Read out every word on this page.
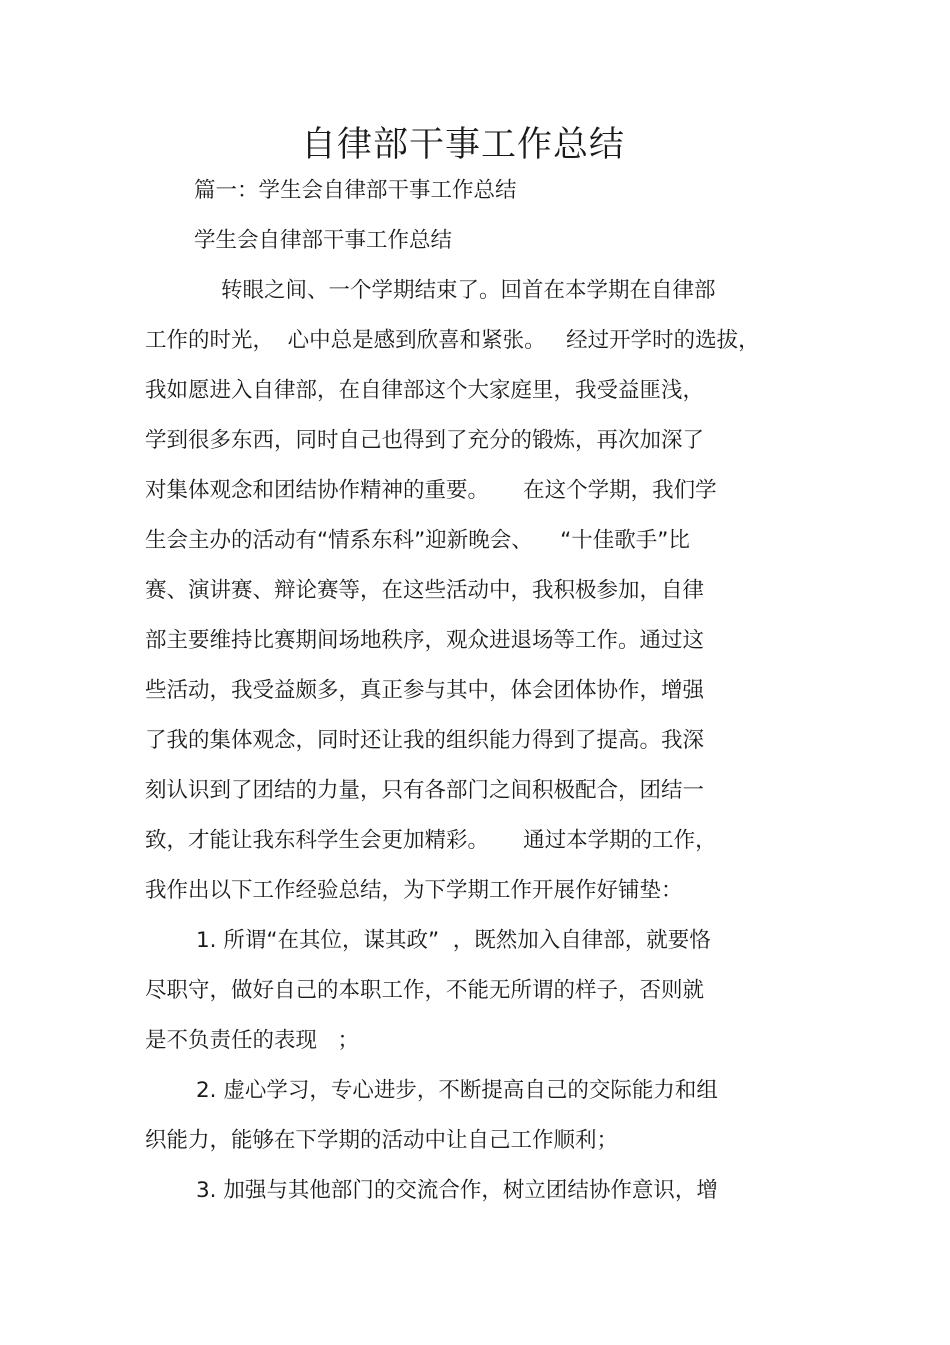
自律部干事工作总结
篇一：学生会自律部干事工作总结
学生会自律部干事工作总结
转眼之间、一个学期结束了。回首在本学期在自律部
工作的时光，  心中总是感到欣喜和紧张。   经过开学时的选拔，
我如愿进入自律部，在自律部这个大家庭里，我受益匪浅，
学到很多东西，同时自己也得到了充分的锻炼，再次加深了
对集体观念和团结协作精神的重要。     在这个学期，我们学
生会主办的活动有“情系东科”迎新晚会、    “十佳歌手”比
赛、演讲赛、辩论赛等，在这些活动中，我积极参加，自律
部主要维持比赛期间场地秩序，观众进退场等工作。通过这
些活动，我受益颇多，真正参与其中，体会团体协作，增强
了我的集体观念，同时还让我的组织能力得到了提高。我深
刻认识到了团结的力量，只有各部门之间积极配合，团结一
致，才能让我东科学生会更加精彩。     通过本学期的工作，
我作出以下工作经验总结，为下学期工作开展作好铺垫：
1. 所谓“在其位，谋其政”  ，既然加入自律部，就要恪
尽职守，做好自己的本职工作，不能无所谓的样子，否则就
是不负责任的表现   ；
2. 虚心学习，专心进步，不断提高自己的交际能力和组
织能力，能够在下学期的活动中让自己工作顺利；
3. 加强与其他部门的交流合作，树立团结协作意识，增
